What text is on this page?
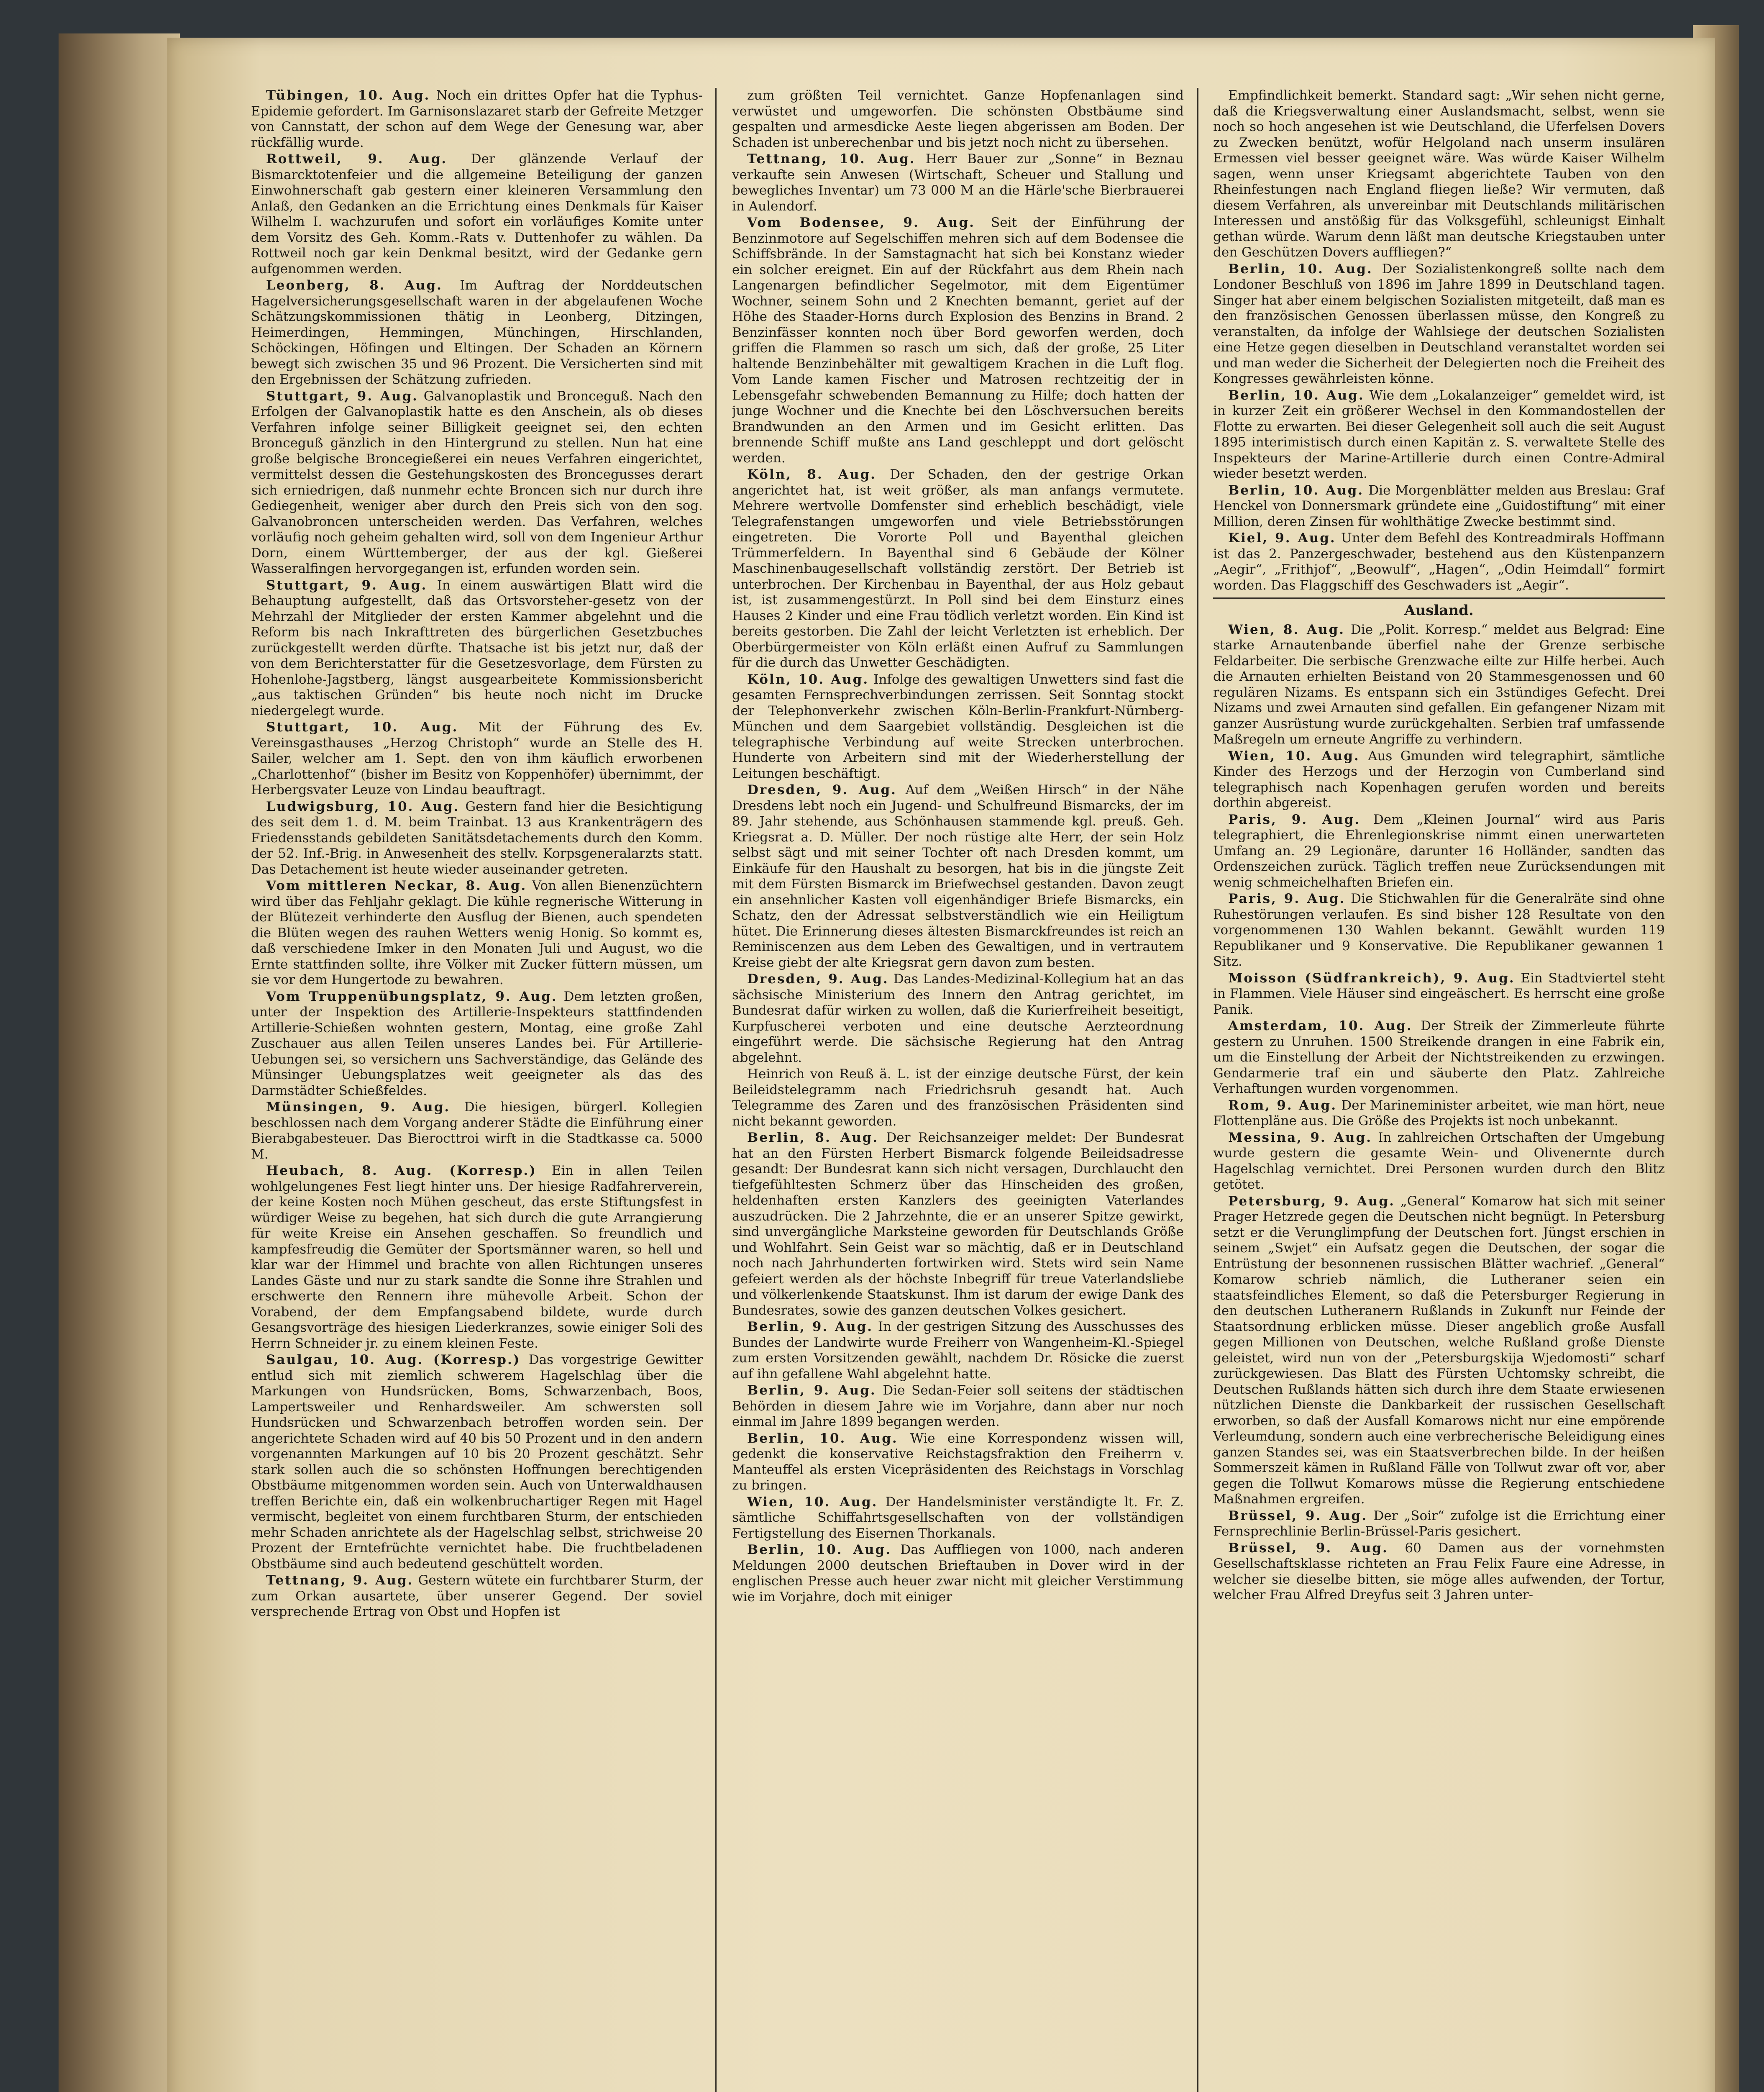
Tübingen, 10. Aug. Noch ein drittes Opfer hat die Typhus-Epidemie gefordert. Im Garnisonslazaret starb der Gefreite Metzger von Cannstatt, der schon auf dem Wege der Genesung war, aber rückfällig wurde.

Rottweil, 9. Aug. Der glänzende Verlauf der Bismarcktotenfeier und die allgemeine Beteiligung der ganzen Einwohnerschaft gab gestern einer kleineren Versammlung den Anlaß, den Gedanken an die Errichtung eines Denkmals für Kaiser Wilhelm I. wachzurufen und sofort ein vorläufiges Komite unter dem Vorsitz des Geh. Komm.-Rats v. Duttenhofer zu wählen. Da Rottweil noch gar kein Denkmal besitzt, wird der Gedanke gern aufgenommen werden.

Leonberg, 8. Aug. Im Auftrag der Norddeutschen Hagelversicherungsgesellschaft waren in der abgelaufenen Woche Schätzungskommissionen thätig in Leonberg, Ditzingen, Heimerdingen, Hemmingen, Münchingen, Hirschlanden, Schöckingen, Höfingen und Eltingen. Der Schaden an Körnern bewegt sich zwischen 35 und 96 Prozent. Die Versicherten sind mit den Ergebnissen der Schätzung zufrieden.

Stuttgart, 9. Aug. Galvanoplastik und Bronceguß. Nach den Erfolgen der Galvanoplastik hatte es den Anschein, als ob dieses Verfahren infolge seiner Billigkeit geeignet sei, den echten Bronceguß gänzlich in den Hintergrund zu stellen. Nun hat eine große belgische Broncegießerei ein neues Verfahren eingerichtet, vermittelst dessen die Gestehungskosten des Broncegusses derart sich erniedrigen, daß nunmehr echte Broncen sich nur durch ihre Gediegenheit, weniger aber durch den Preis sich von den sog. Galvanobroncen unterscheiden werden. Das Verfahren, welches vorläufig noch geheim gehalten wird, soll von dem Ingenieur Arthur Dorn, einem Württemberger, der aus der kgl. Gießerei Wasseralfingen hervorgegangen ist, erfunden worden sein.

Stuttgart, 9. Aug. In einem auswärtigen Blatt wird die Behauptung aufgestellt, daß das Ortsvorsteher-gesetz von der Mehrzahl der Mitglieder der ersten Kammer abgelehnt und die Reform bis nach Inkrafttreten des bürgerlichen Gesetzbuches zurückgestellt werden dürfte. Thatsache ist bis jetzt nur, daß der von dem Berichterstatter für die Gesetzesvorlage, dem Fürsten zu Hohenlohe-Jagstberg, längst ausgearbeitete Kommissionsbericht „aus taktischen Gründen“ bis heute noch nicht im Drucke niedergelegt wurde.

Stuttgart, 10. Aug. Mit der Führung des Ev. Vereinsgasthauses „Herzog Christoph“ wurde an Stelle des H. Sailer, welcher am 1. Sept. den von ihm käuflich erworbenen „Charlottenhof“ (bisher im Besitz von Koppenhöfer) übernimmt, der Herbergsvater Leuze von Lindau beauftragt.

Ludwigsburg, 10. Aug. Gestern fand hier die Besichtigung des seit dem 1. d. M. beim Trainbat. 13 aus Krankenträgern des Friedensstands gebildeten Sanitätsdetachements durch den Komm. der 52. Inf.-Brig. in Anwesenheit des stellv. Korpsgeneralarzts statt. Das Detachement ist heute wieder auseinander getreten.

Vom mittleren Neckar, 8. Aug. Von allen Bienenzüchtern wird über das Fehljahr geklagt. Die kühle regnerische Witterung in der Blütezeit verhinderte den Ausflug der Bienen, auch spendeten die Blüten wegen des rauhen Wetters wenig Honig. So kommt es, daß verschiedene Imker in den Monaten Juli und August, wo die Ernte stattfinden sollte, ihre Völker mit Zucker füttern müssen, um sie vor dem Hungertode zu bewahren.

Vom Truppenübungsplatz, 9. Aug. Dem letzten großen, unter der Inspektion des Artillerie-Inspekteurs stattfindenden Artillerie-Schießen wohnten gestern, Montag, eine große Zahl Zuschauer aus allen Teilen unseres Landes bei. Für Artillerie-Uebungen sei, so versichern uns Sachverständige, das Gelände des Münsinger Uebungsplatzes weit geeigneter als das des Darmstädter Schießfeldes.

Münsingen, 9. Aug. Die hiesigen, bürgerl. Kollegien beschlossen nach dem Vorgang anderer Städte die Einführung einer Bierabgabesteuer. Das Bierocttroi wirft in die Stadtkasse ca. 5000 M.

Heubach, 8. Aug. (Korresp.) Ein in allen Teilen wohlgelungenes Fest liegt hinter uns. Der hiesige Radfahrerverein, der keine Kosten noch Mühen gescheut, das erste Stiftungsfest in würdiger Weise zu begehen, hat sich durch die gute Arrangierung für weite Kreise ein Ansehen geschaffen. So freundlich und kampfesfreudig die Gemüter der Sportsmänner waren, so hell und klar war der Himmel und brachte von allen Richtungen unseres Landes Gäste und nur zu stark sandte die Sonne ihre Strahlen und erschwerte den Rennern ihre mühevolle Arbeit. Schon der Vorabend, der dem Empfangsabend bildete, wurde durch Gesangsvorträge des hiesigen Liederkranzes, sowie einiger Soli des Herrn Schneider jr. zu einem kleinen Feste.

Saulgau, 10. Aug. (Korresp.) Das vorgestrige Gewitter entlud sich mit ziemlich schwerem Hagelschlag über die Markungen von Hundsrücken, Boms, Schwarzenbach, Boos, Lampertsweiler und Renhardsweiler. Am schwersten soll Hundsrücken und Schwarzenbach betroffen worden sein. Der angerichtete Schaden wird auf 40 bis 50 Prozent und in den andern vorgenannten Markungen auf 10 bis 20 Prozent geschätzt. Sehr stark sollen auch die so schönsten Hoffnungen berechtigenden Obstbäume mitgenommen worden sein. Auch von Unterwaldhausen treffen Berichte ein, daß ein wolkenbruchartiger Regen mit Hagel vermischt, begleitet von einem furchtbaren Sturm, der entschieden mehr Schaden anrichtete als der Hagelschlag selbst, strichweise 20 Prozent der Erntefrüchte vernichtet habe. Die fruchtbeladenen Obstbäume sind auch bedeutend geschüttelt worden.

Tettnang, 9. Aug. Gestern wütete ein furchtbarer Sturm, der zum Orkan ausartete, über unserer Gegend. Der soviel versprechende Ertrag von Obst und Hopfen ist

zum größten Teil vernichtet. Ganze Hopfenanlagen sind verwüstet und umgeworfen. Die schönsten Obstbäume sind gespalten und armesdicke Aeste liegen abgerissen am Boden. Der Schaden ist unberechenbar und bis jetzt noch nicht zu übersehen.

Tettnang, 10. Aug. Herr Bauer zur „Sonne“ in Beznau verkaufte sein Anwesen (Wirtschaft, Scheuer und Stallung und bewegliches Inventar) um 73 000 M an die Härle'sche Bierbrauerei in Aulendorf.

Vom Bodensee, 9. Aug. Seit der Einführung der Benzinmotore auf Segelschiffen mehren sich auf dem Bodensee die Schiffsbrände. In der Samstagnacht hat sich bei Konstanz wieder ein solcher ereignet. Ein auf der Rückfahrt aus dem Rhein nach Langenargen befindlicher Segelmotor, mit dem Eigentümer Wochner, seinem Sohn und 2 Knechten bemannt, geriet auf der Höhe des Staader-Horns durch Explosion des Benzins in Brand. 2 Benzinfässer konnten noch über Bord geworfen werden, doch griffen die Flammen so rasch um sich, daß der große, 25 Liter haltende Benzinbehälter mit gewaltigem Krachen in die Luft flog. Vom Lande kamen Fischer und Matrosen rechtzeitig der in Lebensgefahr schwebenden Bemannung zu Hilfe; doch hatten der junge Wochner und die Knechte bei den Löschversuchen bereits Brandwunden an den Armen und im Gesicht erlitten. Das brennende Schiff mußte ans Land geschleppt und dort gelöscht werden.

Köln, 8. Aug. Der Schaden, den der gestrige Orkan angerichtet hat, ist weit größer, als man anfangs vermutete. Mehrere wertvolle Domfenster sind erheblich beschädigt, viele Telegrafenstangen umgeworfen und viele Betriebsstörungen eingetreten. Die Vororte Poll und Bayenthal gleichen Trümmerfeldern. In Bayenthal sind 6 Gebäude der Kölner Maschinenbaugesellschaft vollständig zerstört. Der Betrieb ist unterbrochen. Der Kirchenbau in Bayenthal, der aus Holz gebaut ist, ist zusammengestürzt. In Poll sind bei dem Einsturz eines Hauses 2 Kinder und eine Frau tödlich verletzt worden. Ein Kind ist bereits gestorben. Die Zahl der leicht Verletzten ist erheblich. Der Oberbürgermeister von Köln erläßt einen Aufruf zu Sammlungen für die durch das Unwetter Geschädigten.

Köln, 10. Aug. Infolge des gewaltigen Unwetters sind fast die gesamten Fernsprechverbindungen zerrissen. Seit Sonntag stockt der Telephonverkehr zwischen Köln-Berlin-Frankfurt-Nürnberg-München und dem Saargebiet vollständig. Desgleichen ist die telegraphische Verbindung auf weite Strecken unterbrochen. Hunderte von Arbeitern sind mit der Wiederherstellung der Leitungen beschäftigt.

Dresden, 9. Aug. Auf dem „Weißen Hirsch“ in der Nähe Dresdens lebt noch ein Jugend- und Schulfreund Bismarcks, der im 89. Jahr stehende, aus Schönhausen stammende kgl. preuß. Geh. Kriegsrat a. D. Müller. Der noch rüstige alte Herr, der sein Holz selbst sägt und mit seiner Tochter oft nach Dresden kommt, um Einkäufe für den Haushalt zu besorgen, hat bis in die jüngste Zeit mit dem Fürsten Bismarck im Briefwechsel gestanden. Davon zeugt ein ansehnlicher Kasten voll eigenhändiger Briefe Bismarcks, ein Schatz, den der Adressat selbstverständlich wie ein Heiligtum hütet. Die Erinnerung dieses ältesten Bismarckfreundes ist reich an Reminiscenzen aus dem Leben des Gewaltigen, und in vertrautem Kreise giebt der alte Kriegsrat gern davon zum besten.

Dresden, 9. Aug. Das Landes-Medizinal-Kollegium hat an das sächsische Ministerium des Innern den Antrag gerichtet, im Bundesrat dafür wirken zu wollen, daß die Kurierfreiheit beseitigt, Kurpfuscherei verboten und eine deutsche Aerzteordnung eingeführt werde. Die sächsische Regierung hat den Antrag abgelehnt.

Heinrich von Reuß ä. L. ist der einzige deutsche Fürst, der kein Beileidstelegramm nach Friedrichsruh gesandt hat. Auch Telegramme des Zaren und des französischen Präsidenten sind nicht bekannt geworden.

Berlin, 8. Aug. Der Reichsanzeiger meldet: Der Bundesrat hat an den Fürsten Herbert Bismarck folgende Beileidsadresse gesandt: Der Bundesrat kann sich nicht versagen, Durchlaucht den tiefgefühltesten Schmerz über das Hinscheiden des großen, heldenhaften ersten Kanzlers des geeinigten Vaterlandes auszudrücken. Die 2 Jahrzehnte, die er an unserer Spitze gewirkt, sind unvergängliche Marksteine geworden für Deutschlands Größe und Wohlfahrt. Sein Geist war so mächtig, daß er in Deutschland noch nach Jahrhunderten fortwirken wird. Stets wird sein Name gefeiert werden als der höchste Inbegriff für treue Vaterlandsliebe und völkerlenkende Staatskunst. Ihm ist darum der ewige Dank des Bundesrates, sowie des ganzen deutschen Volkes gesichert.

Berlin, 9. Aug. In der gestrigen Sitzung des Ausschusses des Bundes der Landwirte wurde Freiherr von Wangenheim-Kl.-Spiegel zum ersten Vorsitzenden gewählt, nachdem Dr. Rösicke die zuerst auf ihn gefallene Wahl abgelehnt hatte.

Berlin, 9. Aug. Die Sedan-Feier soll seitens der städtischen Behörden in diesem Jahre wie im Vorjahre, dann aber nur noch einmal im Jahre 1899 begangen werden.

Berlin, 10. Aug. Wie eine Korrespondenz wissen will, gedenkt die konservative Reichstagsfraktion den Freiherrn v. Manteuffel als ersten Vicepräsidenten des Reichstags in Vorschlag zu bringen.

Wien, 10. Aug. Der Handelsminister verständigte lt. Fr. Z. sämtliche Schiffahrtsgesellschaften von der vollständigen Fertigstellung des Eisernen Thorkanals.

Berlin, 10. Aug. Das Auffliegen von 1000, nach anderen Meldungen 2000 deutschen Brieftauben in Dover wird in der englischen Presse auch heuer zwar nicht mit gleicher Verstimmung wie im Vorjahre, doch mit einiger

Empfindlichkeit bemerkt. Standard sagt: „Wir sehen nicht gerne, daß die Kriegsverwaltung einer Auslandsmacht, selbst, wenn sie noch so hoch angesehen ist wie Deutschland, die Uferfelsen Dovers zu Zwecken benützt, wofür Helgoland nach unserm insulären Ermessen viel besser geeignet wäre. Was würde Kaiser Wilhelm sagen, wenn unser Kriegsamt abgerichtete Tauben von den Rheinfestungen nach England fliegen ließe? Wir vermuten, daß diesem Verfahren, als unvereinbar mit Deutschlands militärischen Interessen und anstößig für das Volksgefühl, schleunigst Einhalt gethan würde. Warum denn läßt man deutsche Kriegstauben unter den Geschützen Dovers auffliegen?“

Berlin, 10. Aug. Der Sozialistenkongreß sollte nach dem Londoner Beschluß von 1896 im Jahre 1899 in Deutschland tagen. Singer hat aber einem belgischen Sozialisten mitgeteilt, daß man es den französischen Genossen überlassen müsse, den Kongreß zu veranstalten, da infolge der Wahlsiege der deutschen Sozialisten eine Hetze gegen dieselben in Deutschland veranstaltet worden sei und man weder die Sicherheit der Delegierten noch die Freiheit des Kongresses gewährleisten könne.

Berlin, 10. Aug. Wie dem „Lokalanzeiger“ gemeldet wird, ist in kurzer Zeit ein größerer Wechsel in den Kommandostellen der Flotte zu erwarten. Bei dieser Gelegenheit soll auch die seit August 1895 interimistisch durch einen Kapitän z. S. verwaltete Stelle des Inspekteurs der Marine-Artillerie durch einen Contre-Admiral wieder besetzt werden.

Berlin, 10. Aug. Die Morgenblätter melden aus Breslau: Graf Henckel von Donnersmark gründete eine „Guidostiftung“ mit einer Million, deren Zinsen für wohlthätige Zwecke bestimmt sind.

Kiel, 9. Aug. Unter dem Befehl des Kontreadmirals Hoffmann ist das 2. Panzergeschwader, bestehend aus den Küstenpanzern „Aegir“, „Frithjof“, „Beowulf“, „Hagen“, „Odin Heimdall“ formirt worden. Das Flaggschiff des Geschwaders ist „Aegir“.

Ausland.

Wien, 8. Aug. Die „Polit. Korresp.“ meldet aus Belgrad: Eine starke Arnautenbande überfiel nahe der Grenze serbische Feldarbeiter. Die serbische Grenzwache eilte zur Hilfe herbei. Auch die Arnauten erhielten Beistand von 20 Stammesgenossen und 60 regulären Nizams. Es entspann sich ein 3stündiges Gefecht. Drei Nizams und zwei Arnauten sind gefallen. Ein gefangener Nizam mit ganzer Ausrüstung wurde zurückgehalten. Serbien traf umfassende Maßregeln um erneute Angriffe zu verhindern.

Wien, 10. Aug. Aus Gmunden wird telegraphirt, sämtliche Kinder des Herzogs und der Herzogin von Cumberland sind telegraphisch nach Kopenhagen gerufen worden und bereits dorthin abgereist.

Paris, 9. Aug. Dem „Kleinen Journal“ wird aus Paris telegraphiert, die Ehrenlegionskrise nimmt einen unerwarteten Umfang an. 29 Legionäre, darunter 16 Holländer, sandten das Ordenszeichen zurück. Täglich treffen neue Zurücksendungen mit wenig schmeichelhaften Briefen ein.

Paris, 9. Aug. Die Stichwahlen für die Generalräte sind ohne Ruhestörungen verlaufen. Es sind bisher 128 Resultate von den vorgenommenen 130 Wahlen bekannt. Gewählt wurden 119 Republikaner und 9 Konservative. Die Republikaner gewannen 1 Sitz.

Moisson (Südfrankreich), 9. Aug. Ein Stadtviertel steht in Flammen. Viele Häuser sind eingeäschert. Es herrscht eine große Panik.

Amsterdam, 10. Aug. Der Streik der Zimmerleute führte gestern zu Unruhen. 1500 Streikende drangen in eine Fabrik ein, um die Einstellung der Arbeit der Nichtstreikenden zu erzwingen. Gendarmerie traf ein und säuberte den Platz. Zahlreiche Verhaftungen wurden vorgenommen.

Rom, 9. Aug. Der Marineminister arbeitet, wie man hört, neue Flottenpläne aus. Die Größe des Projekts ist noch unbekannt.

Messina, 9. Aug. In zahlreichen Ortschaften der Umgebung wurde gestern die gesamte Wein- und Olivenernte durch Hagelschlag vernichtet. Drei Personen wurden durch den Blitz getötet.

Petersburg, 9. Aug. „General“ Komarow hat sich mit seiner Prager Hetzrede gegen die Deutschen nicht begnügt. In Petersburg setzt er die Verunglimpfung der Deutschen fort. Jüngst erschien in seinem „Swjet“ ein Aufsatz gegen die Deutschen, der sogar die Entrüstung der besonnenen russischen Blätter wachrief. „General“ Komarow schrieb nämlich, die Lutheraner seien ein staatsfeindliches Element, so daß die Petersburger Regierung in den deutschen Lutheranern Rußlands in Zukunft nur Feinde der Staatsordnung erblicken müsse. Dieser angeblich große Ausfall gegen Millionen von Deutschen, welche Rußland große Dienste geleistet, wird nun von der „Petersburgskija Wjedomosti“ scharf zurückgewiesen. Das Blatt des Fürsten Uchtomsky schreibt, die Deutschen Rußlands hätten sich durch ihre dem Staate erwiesenen nützlichen Dienste die Dankbarkeit der russischen Gesellschaft erworben, so daß der Ausfall Komarows nicht nur eine empörende Verleumdung, sondern auch eine verbrecherische Beleidigung eines ganzen Standes sei, was ein Staatsverbrechen bilde. In der heißen Sommerszeit kämen in Rußland Fälle von Tollwut zwar oft vor, aber gegen die Tollwut Komarows müsse die Regierung entschiedene Maßnahmen ergreifen.

Brüssel, 9. Aug. Der „Soir“ zufolge ist die Errichtung einer Fernsprechlinie Berlin-Brüssel-Paris gesichert.

Brüssel, 9. Aug. 60 Damen aus der vornehmsten Gesellschaftsklasse richteten an Frau Felix Faure eine Adresse, in welcher sie dieselbe bitten, sie möge alles aufwenden, der Tortur, welcher Frau Alfred Dreyfus seit 3 Jahren unter-
